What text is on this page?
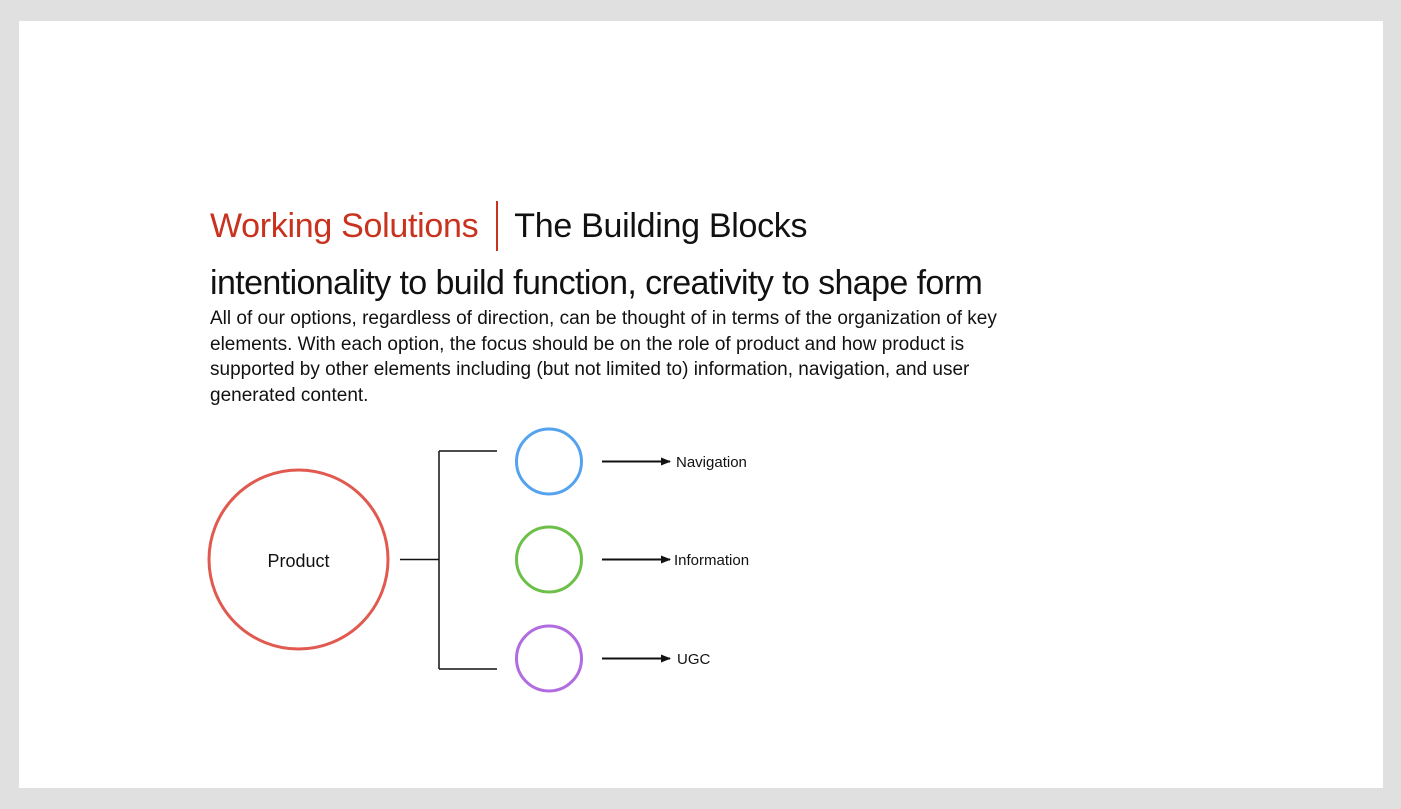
Working Solutions The Building Blocks
intentionality to build function, creativity to shape form
All of our options, regardless of direction, can be thought of in terms of the organization of key elements. With each option, the focus should be on the role of product and how product is supported by other elements including (but not limited to) information, navigation, and user generated content.
Product
Navigation
Information
UGC
